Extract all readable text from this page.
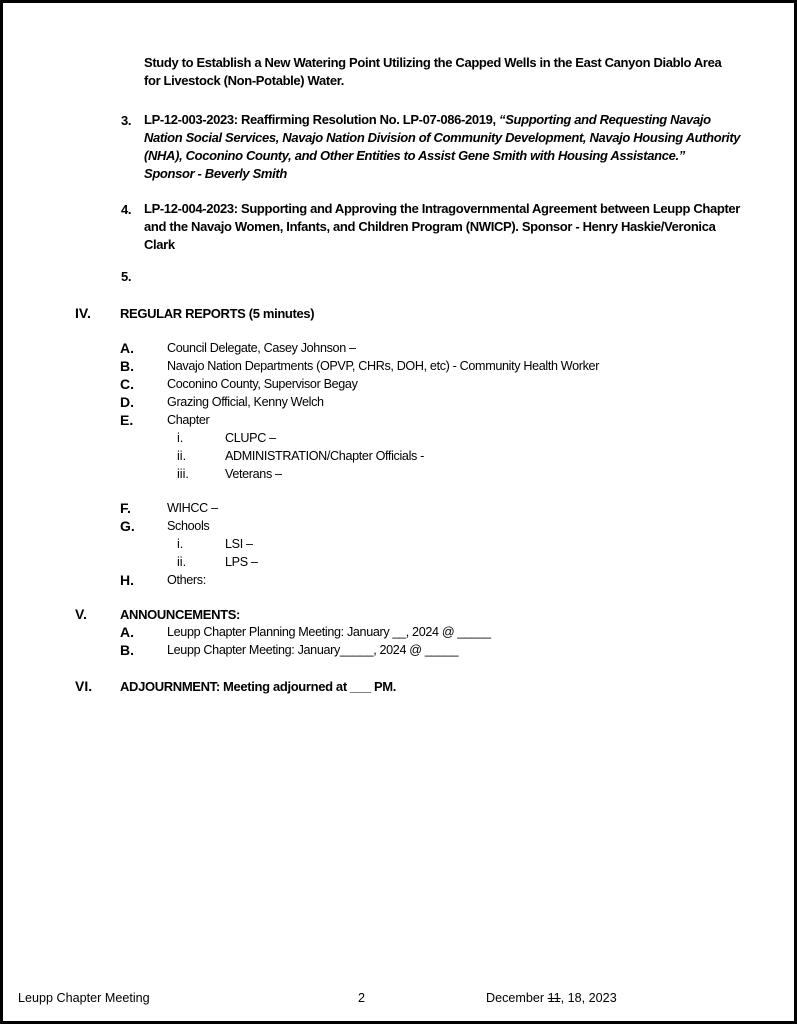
Study to Establish a New Watering Point Utilizing the Capped Wells in the East Canyon Diablo Area
for Livestock (Non-Potable) Water.
3. LP-12-003-2023: Reaffirming Resolution No. LP-07-086-2019, “Supporting and Requesting Navajo
Nation Social Services, Navajo Nation Division of Community Development, Navajo Housing Authority
(NHA), Coconino County, and Other Entities to Assist Gene Smith with Housing Assistance.”
Sponsor - Beverly Smith
4. LP-12-004-2023: Supporting and Approving the Intragovernmental Agreement between Leupp Chapter
and the Navajo Women, Infants, and Children Program (NWICP). Sponsor - Henry Haskie/Veronica
Clark
5.
IV. REGULAR REPORTS (5 minutes)
A.	Council Delegate, Casey Johnson –
B.	Navajo Nation Departments (OPVP, CHRs, DOH, etc) - Community Health Worker
C.	Coconino County, Supervisor Begay
D.	Grazing Official, Kenny Welch
E.	Chapter
i.	CLUPC –
ii.	ADMINISTRATION/Chapter Officials -
iii.	Veterans –
F.	WIHCC –
G.	Schools
i.	LSI –
ii.	LPS –
H.	Others:
V.	ANNOUNCEMENTS:
A.	Leupp Chapter Planning Meeting: January __, 2024 @ _____
B.	Leupp Chapter Meeting: January_____, 2024 @ _____
VI. ADJOURNMENT: Meeting adjourned at ___ PM.
Leupp Chapter Meeting	2	December 11, 18, 2023
